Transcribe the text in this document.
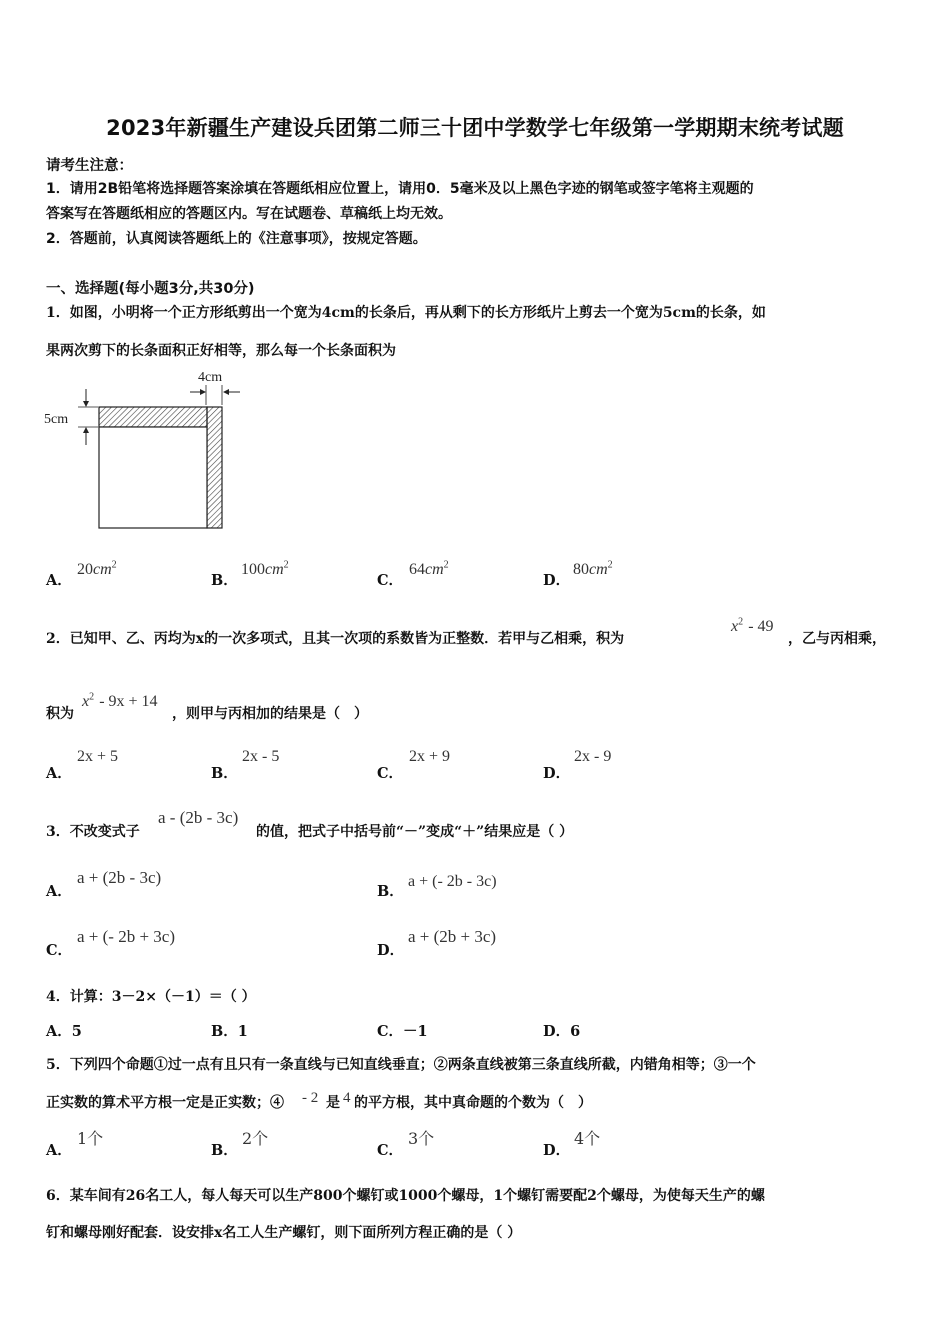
2023年新疆生产建设兵团第二师三十团中学数学七年级第一学期期末统考试题
请考生注意：
1．请用2B铅笔将选择题答案涂填在答题纸相应位置上，请用0．5毫米及以上黑色字迹的钢笔或签字笔将主观题的
答案写在答题纸相应的答题区内。写在试题卷、草稿纸上均无效。
2．答题前，认真阅读答题纸上的《注意事项》，按规定答题。
一、选择题(每小题3分,共30分)
1．如图，小明将一个正方形纸剪出一个宽为4cm的长条后，再从剩下的长方形纸片上剪去一个宽为5cm的长条，如
果两次剪下的长条面积正好相等，那么每一个长条面积为
4cm
5cm
A．
$20cm^2$
B．
$100cm^2$
C．
$64cm^2$
D．
$80cm^2$
2．已知甲、乙、丙均为x的一次多项式，且其一次项的系数皆为正整数．若甲与乙相乘，积为
$x^2 - 49$
，乙与丙相乘，
积为
$x^2 - 9x + 14$
，则甲与丙相加的结果是（　）
A．
2x + 5
B．
2x - 5
C．
2x + 9
D．
2x - 9
3．不改变式子
a - (2b - 3c)
的值，把式子中括号前“－”变成“＋”结果应是（ ）
A．
a + (2b - 3c)
B．
a + (- 2b - 3c)
C．
a + (- 2b + 3c)
D．
a + (2b + 3c)
4．计算：3－2×（－1）＝（ ）
A．5	B．1	C．－1	D．6
5．下列四个命题①过一点有且只有一条直线与已知直线垂直；②两条直线被第三条直线所截，内错角相等；③一个
正实数的算术平方根一定是正实数；④ - 2 是 4 的平方根，其中真命题的个数为（　）
A．
1个
B．
2个
C．
3个
D．
4个
6．某车间有26名工人，每人每天可以生产800个螺钉或1000个螺母，1个螺钉需要配2个螺母，为使每天生产的螺
钉和螺母刚好配套．设安排x名工人生产螺钉，则下面所列方程正确的是（ ）
